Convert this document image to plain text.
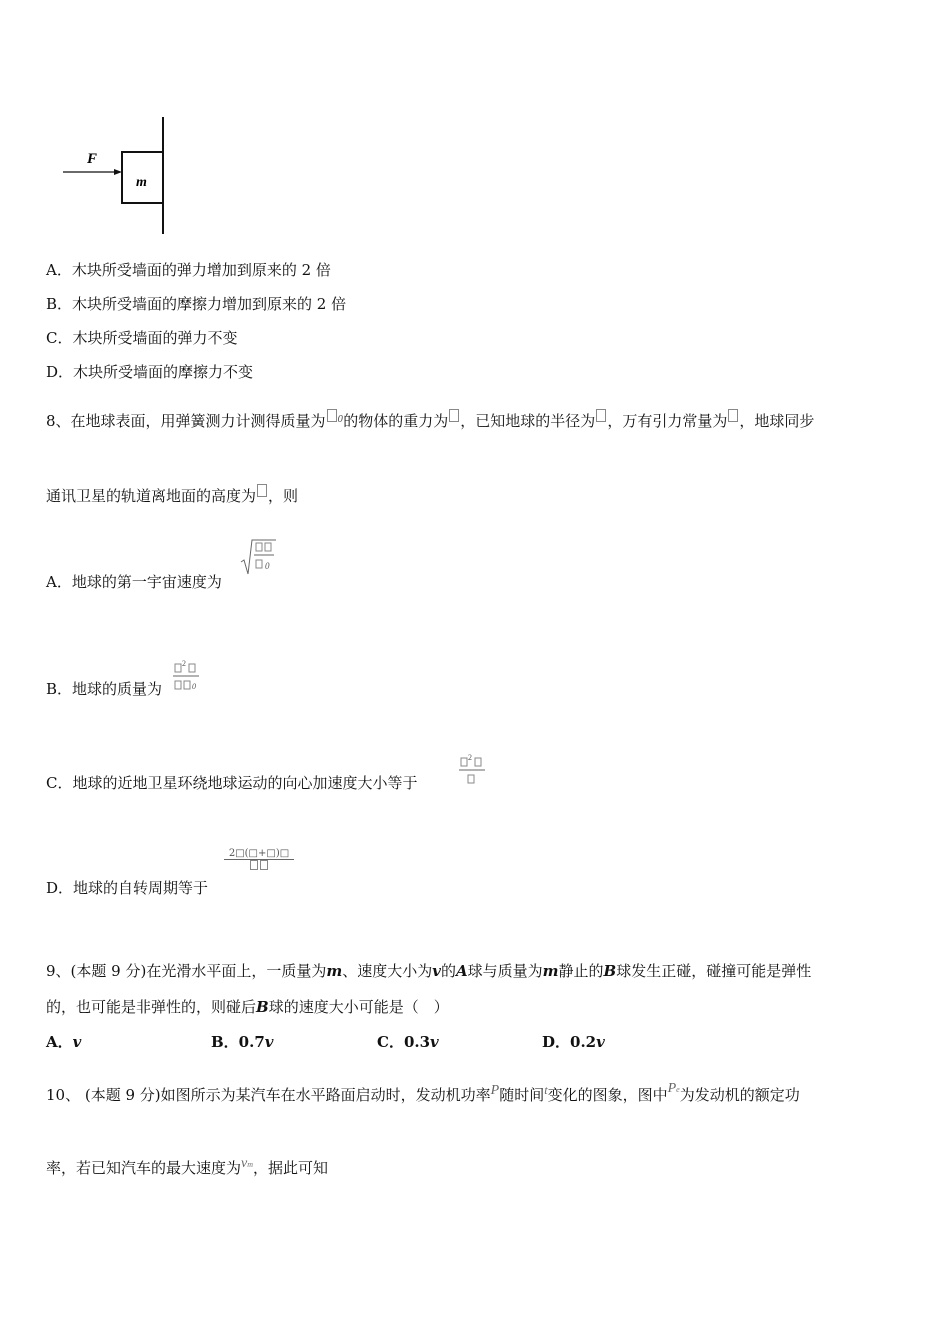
F
m
A．木块所受墙面的弹力增加到原来的 2 倍
B．木块所受墙面的摩擦力增加到原来的 2 倍
C．木块所受墙面的弹力不变
D．木块所受墙面的摩擦力不变
8、在地球表面，用弹簧测力计测得质量为 $^0$的物体的重力为 ，已知地球的半径为 ，万有引力常量为 ，地球同步
通讯卫星的轨道离地面的高度为 ，则
A．地球的第一宇宙速度为
0
B．地球的质量为
2
0
C．地球的近地卫星环绕地球运动的向心加速度大小等于
2
D．地球的自转周期等于
2□(□+□)□
9、(本题 9 分)在光滑水平面上，一质量为m、速度大小为v的A球与质量为m静止的B球发生正碰，碰撞可能是弹性
的，也可能是非弹性的，则碰后B球的速度大小可能是（　）
A．v	B．0.7v	C．0.3v	D．0.2v
10、 (本题 9 分)如图所示为某汽车在水平路面启动时，发动机功率P随时间$^t$变化的图象，图中Pe为发动机的额定功
率，若已知汽车的最大速度为vm，据此可知
